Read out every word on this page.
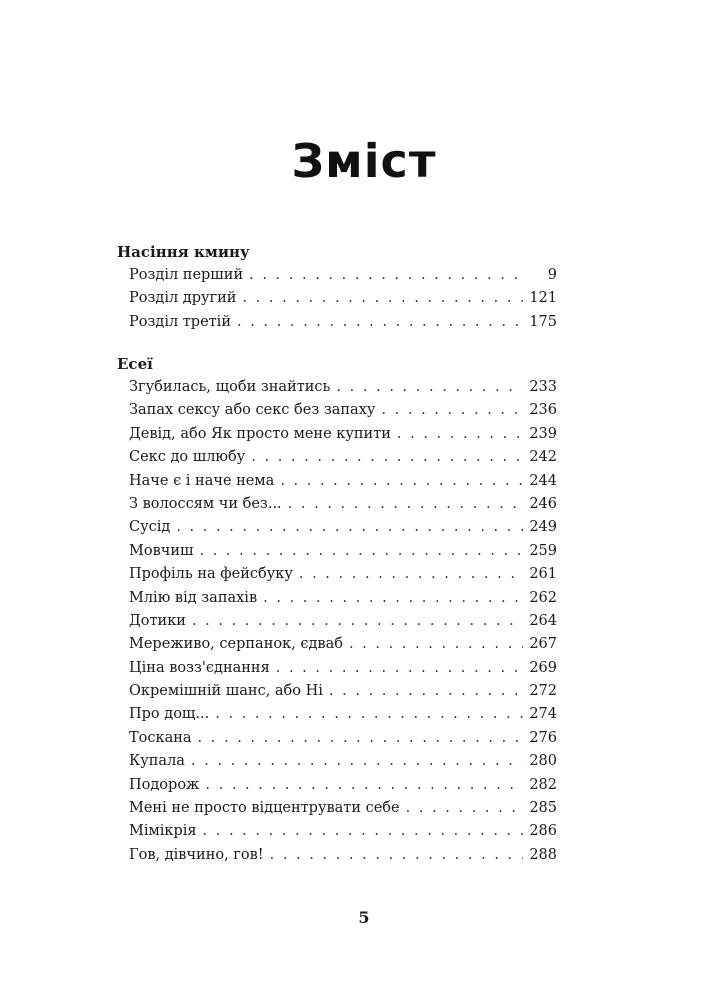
Зміст
Насіння кмину
Розділ перший . . .	9
Розділ другий . . .	121
Розділ третій . . .	175
Есеї
Згубилась, щоби знайтись . . .	233
Запах сексу або секс без запаху . . .	236
Девід, або Як просто мене купити . . .	239
Секс до шлюбу . . .	242
Наче є і наче нема . . .	244
З волоссям чи без... . . .	246
Сусід . . .	249
Мовчиш . . .	259
Профіль на фейсбуку . . .	261
Млію від запахів . . .	262
Дотики . . .	264
Мереживо, серпанок, єдваб . . .	267
Ціна возз'єднання . . .	269
Окремішній шанс, або Ні . . .	272
Про дощ... . . .	274
Тоскана . . .	276
Купала . . .	280
Подорож . . .	282
Мені не просто відцентрувати себе . . .	285
Мімікрія . . .	286
Гов, дівчино, гов! . . .	288
5
